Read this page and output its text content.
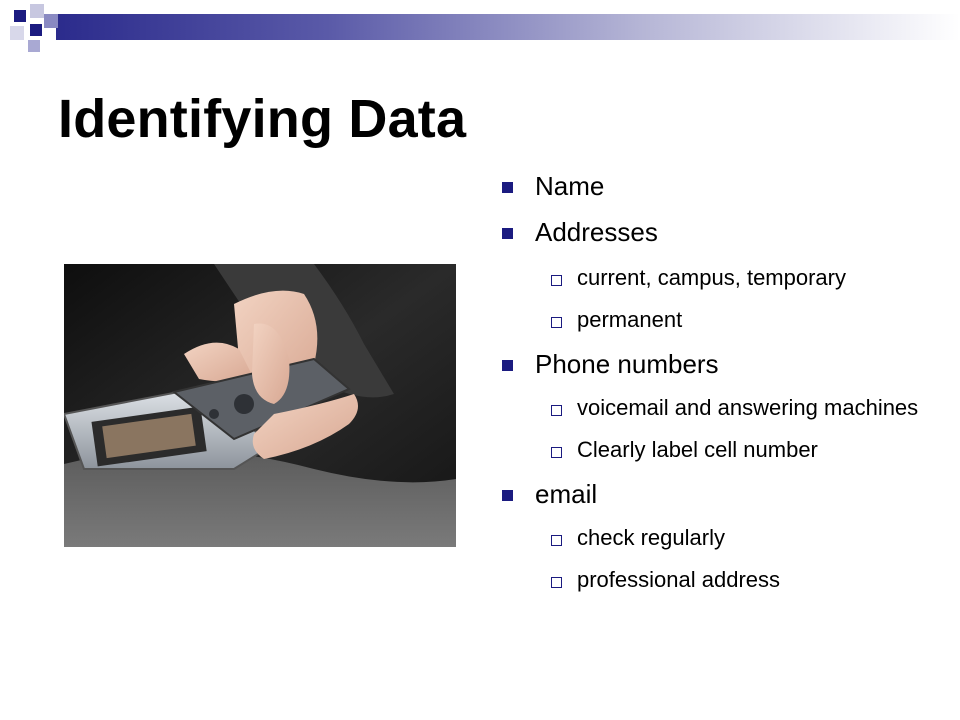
Identifying Data
Name
Addresses
current, campus, temporary
permanent
Phone numbers
voicemail and answering machines
Clearly label cell number
email
check regularly
professional address
